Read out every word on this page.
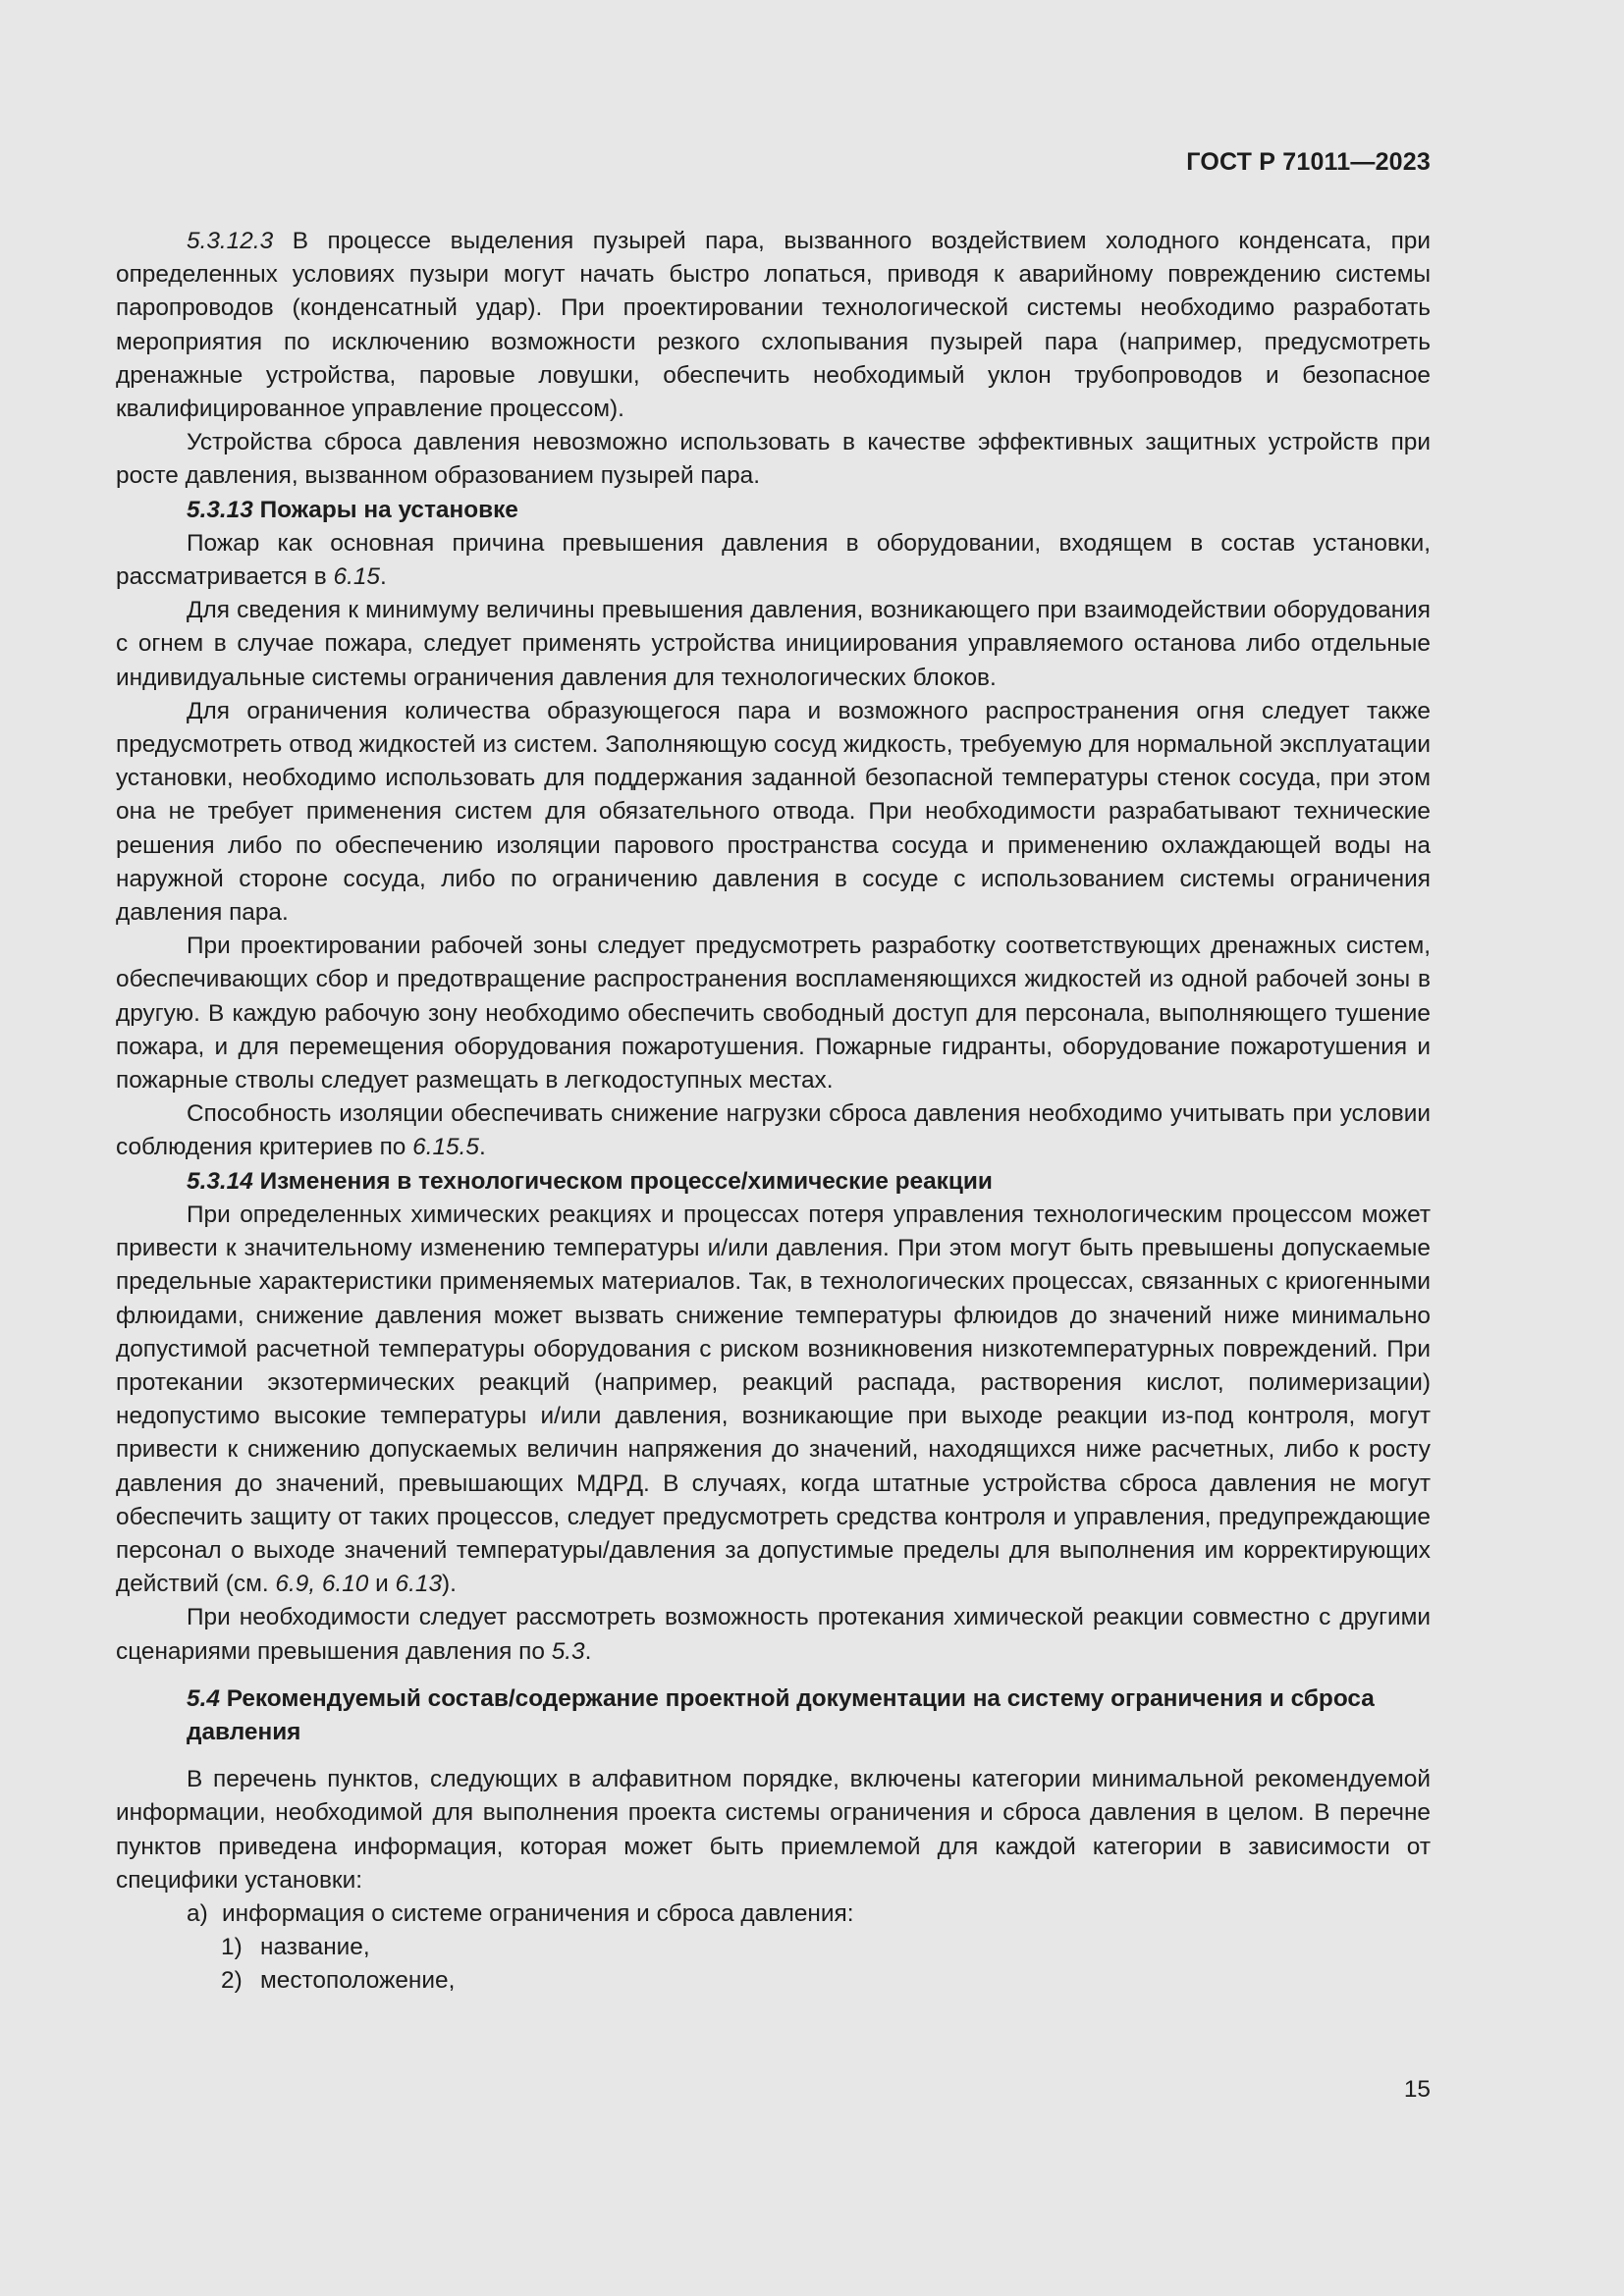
ГОСТ Р 71011—2023

5.3.12.3 В процессе выделения пузырей пара, вызванного воздействием холодного конденсата, при определенных условиях пузыри могут начать быстро лопаться, приводя к аварийному повреждению системы паропроводов (конденсатный удар). При проектировании технологической системы необходимо разработать мероприятия по исключению возможности резкого схлопывания пузырей пара (например, предусмотреть дренажные устройства, паровые ловушки, обеспечить необходимый уклон трубопроводов и безопасное квалифицированное управление процессом).

Устройства сброса давления невозможно использовать в качестве эффективных защитных устройств при росте давления, вызванном образованием пузырей пара.

5.3.13 Пожары на установке

Пожар как основная причина превышения давления в оборудовании, входящем в состав установки, рассматривается в 6.15.

Для сведения к минимуму величины превышения давления, возникающего при взаимодействии оборудования с огнем в случае пожара, следует применять устройства инициирования управляемого останова либо отдельные индивидуальные системы ограничения давления для технологических блоков.

Для ограничения количества образующегося пара и возможного распространения огня следует также предусмотреть отвод жидкостей из систем. Заполняющую сосуд жидкость, требуемую для нормальной эксплуатации установки, необходимо использовать для поддержания заданной безопасной температуры стенок сосуда, при этом она не требует применения систем для обязательного отвода. При необходимости разрабатывают технические решения либо по обеспечению изоляции парового пространства сосуда и применению охлаждающей воды на наружной стороне сосуда, либо по ограничению давления в сосуде с использованием системы ограничения давления пара.

При проектировании рабочей зоны следует предусмотреть разработку соответствующих дренажных систем, обеспечивающих сбор и предотвращение распространения воспламеняющихся жидкостей из одной рабочей зоны в другую. В каждую рабочую зону необходимо обеспечить свободный доступ для персонала, выполняющего тушение пожара, и для перемещения оборудования пожаротушения. Пожарные гидранты, оборудование пожаротушения и пожарные стволы следует размещать в легкодоступных местах.

Способность изоляции обеспечивать снижение нагрузки сброса давления необходимо учитывать при условии соблюдения критериев по 6.15.5.

5.3.14 Изменения в технологическом процессе/химические реакции

При определенных химических реакциях и процессах потеря управления технологическим процессом может привести к значительному изменению температуры и/или давления. При этом могут быть превышены допускаемые предельные характеристики применяемых материалов. Так, в технологических процессах, связанных с криогенными флюидами, снижение давления может вызвать снижение температуры флюидов до значений ниже минимально допустимой расчетной температуры оборудования с риском возникновения низкотемпературных повреждений. При протекании экзотермических реакций (например, реакций распада, растворения кислот, полимеризации) недопустимо высокие температуры и/или давления, возникающие при выходе реакции из-под контроля, могут привести к снижению допускаемых величин напряжения до значений, находящихся ниже расчетных, либо к росту давления до значений, превышающих МДРД. В случаях, когда штатные устройства сброса давления не могут обеспечить защиту от таких процессов, следует предусмотреть средства контроля и управления, предупреждающие персонал о выходе значений температуры/давления за допустимые пределы для выполнения им корректирующих действий (см. 6.9, 6.10 и 6.13).

При необходимости следует рассмотреть возможность протекания химической реакции совместно с другими сценариями превышения давления по 5.3.

5.4 Рекомендуемый состав/содержание проектной документации на систему ограничения и сброса давления

В перечень пунктов, следующих в алфавитном порядке, включены категории минимальной рекомендуемой информации, необходимой для выполнения проекта системы ограничения и сброса давления в целом. В перечне пунктов приведена информация, которая может быть приемлемой для каждой категории в зависимости от специфики установки:

а) информация о системе ограничения и сброса давления:

1) название,

2) местоположение,

15
